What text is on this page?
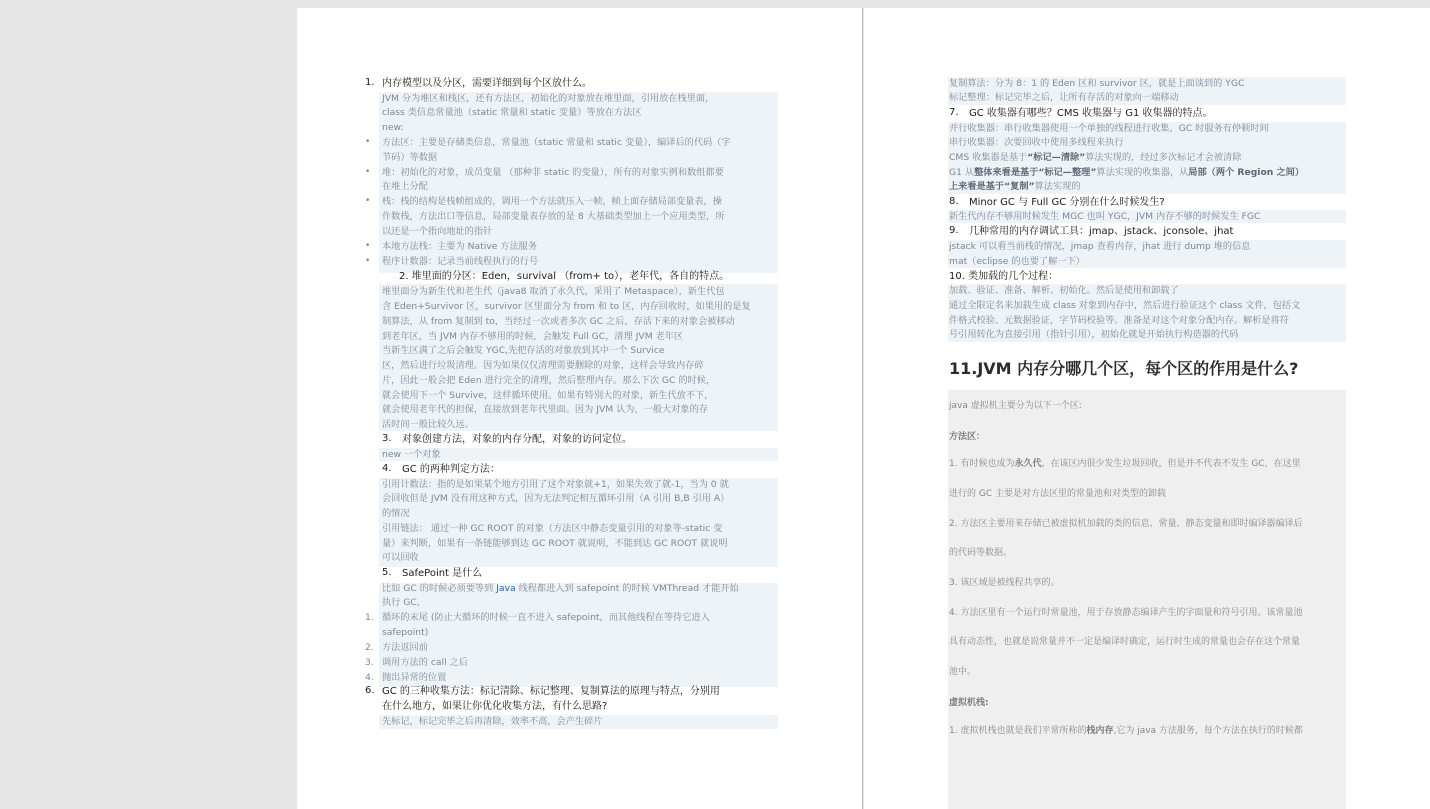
1. 内存模型以及分区，需要详细到每个区放什么。
JVM 分为堆区和栈区，还有方法区，初始化的对象放在堆里面，引用放在栈里面，
class 类信息常量池（static 常量和 static 变量）等放在方法区
new:
• 方法区：主要是存储类信息，常量池（static 常量和 static 变量），编译后的代码（字
节码）等数据
• 堆：初始化的对象，成员变量 （那种非 static 的变量），所有的对象实例和数组都要
在堆上分配
• 栈：栈的结构是栈帧组成的，调用一个方法就压入一帧，帧上面存储局部变量表，操
作数栈，方法出口等信息，局部变量表存放的是 8 大基础类型加上一个应用类型，所
以还是一个指向地址的指针
• 本地方法栈：主要为 Native 方法服务
• 程序计数器：记录当前线程执行的行号
2. 堆里面的分区：Eden，survival （from+ to），老年代，各自的特点。
堆里面分为新生代和老生代（java8 取消了永久代，采用了 Metaspace），新生代包
含 Eden+Survivor 区，survivor 区里面分为 from 和 to 区，内存回收时，如果用的是复
制算法，从 from 复制到 to，当经过一次或者多次 GC 之后，存活下来的对象会被移动
到老年区，当 JVM 内存不够用的时候，会触发 Full GC，清理 JVM 老年区
当新生区满了之后会触发 YGC,先把存活的对象放到其中一个 Survice
区，然后进行垃圾清理。因为如果仅仅清理需要删除的对象，这样会导致内存碎
片，因此一般会把 Eden 进行完全的清理，然后整理内存。那么下次 GC 的时候，
就会使用下一个 Survive，这样循环使用。如果有特别大的对象，新生代放不下，
就会使用老年代的担保，直接放到老年代里面。因为 JVM 认为，一般大对象的存
活时间一般比较久远。
3. 对象创建方法，对象的内存分配，对象的访问定位。
new 一个对象
4. GC 的两种判定方法：
引用计数法：指的是如果某个地方引用了这个对象就+1，如果失效了就-1，当为 0 就
会回收但是 JVM 没有用这种方式，因为无法判定相互循环引用（A 引用 B,B 引用 A）
的情况
引用链法： 通过一种 GC ROOT 的对象（方法区中静态变量引用的对象等-static 变
量）来判断，如果有一条链能够到达 GC ROOT 就说明，不能到达 GC ROOT 就说明
可以回收
5. SafePoint 是什么
比如 GC 的时候必须要等到 Java 线程都进入到 safepoint 的时候 VMThread 才能开始
执行 GC,
1. 循环的末尾 (防止大循环的时候一直不进入 safepoint，而其他线程在等待它进入
safepoint)
2. 方法返回前
3. 调用方法的 call 之后
4. 抛出异常的位置
6. GC 的三种收集方法：标记清除、标记整理、复制算法的原理与特点，分别用
在什么地方，如果让你优化收集方法，有什么思路?
先标记，标记完毕之后再清除，效率不高，会产生碎片
复制算法：分为 8：1 的 Eden 区和 survivor 区，就是上面谈到的 YGC
标记整理：标记完毕之后，让所有存活的对象向一端移动
7. GC 收集器有哪些？CMS 收集器与 G1 收集器的特点。
并行收集器：串行收集器使用一个单独的线程进行收集，GC 时服务有停顿时间
串行收集器：次要回收中使用多线程来执行
CMS 收集器是基于“标记—清除”算法实现的，经过多次标记才会被清除
G1 从整体来看是基于“标记—整理”算法实现的收集器，从局部（两个 Region 之间）
上来看是基于“复制”算法实现的
8. Minor GC 与 Full GC 分别在什么时候发生?
新生代内存不够用时候发生 MGC 也叫 YGC，JVM 内存不够的时候发生 FGC
9. 几种常用的内存调试工具：jmap、jstack、jconsole、jhat
jstack 可以看当前栈的情况，jmap 查看内存，jhat 进行 dump 堆的信息
mat（eclipse 的也要了解一下）
10. 类加载的几个过程：
加载、验证、准备、解析、初始化。然后是使用和卸载了
通过全限定名来加载生成 class 对象到内存中，然后进行验证这个 class 文件，包括文
件格式校验、元数据验证，字节码校验等。准备是对这个对象分配内存。解析是将符
号引用转化为直接引用（指针引用），初始化就是开始执行构造器的代码
11.JVM 内存分哪几个区，每个区的作用是什么?
java 虚拟机主要分为以下一个区:
方法区：
1. 有时候也成为永久代，在该区内很少发生垃圾回收，但是并不代表不发生 GC，在这里
进行的 GC 主要是对方法区里的常量池和对类型的卸载
2. 方法区主要用来存储已被虚拟机加载的类的信息、常量、静态变量和即时编译器编译后
的代码等数据。
3. 该区域是被线程共享的。
4. 方法区里有一个运行时常量池，用于存放静态编译产生的字面量和符号引用。该常量池
具有动态性，也就是说常量并不一定是编译时确定，运行时生成的常量也会存在这个常量
池中。
虚拟机栈:
1. 虚拟机栈也就是我们平常所称的栈内存,它为 java 方法服务，每个方法在执行的时候都
